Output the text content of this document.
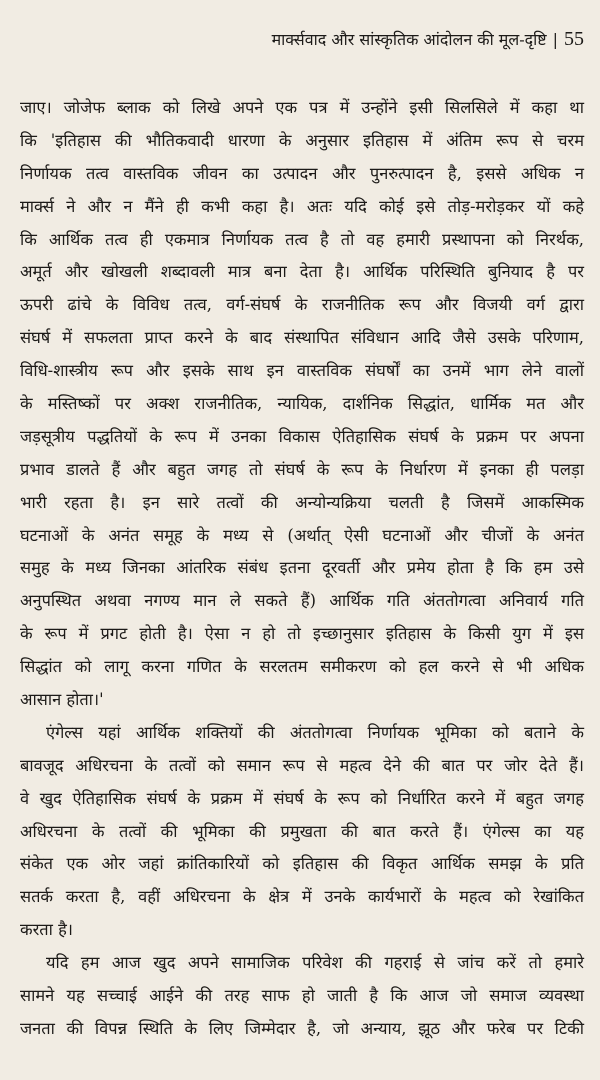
मार्क्सवाद और सांस्कृतिक आंदोलन की मूल-दृष्टि | 55
जाए। जोजेफ ब्लाक को लिखे अपने एक पत्र में उन्होंने इसी सिलसिले में कहा था
कि 'इतिहास की भौतिकवादी धारणा के अनुसार इतिहास में अंतिम रूप से चरम
निर्णायक तत्व वास्तविक जीवन का उत्पादन और पुनरुत्पादन है, इससे अधिक न
मार्क्स ने और न मैंने ही कभी कहा है। अतः यदि कोई इसे तोड़-मरोड़कर यों कहे
कि आर्थिक तत्व ही एकमात्र निर्णायक तत्व है तो वह हमारी प्रस्थापना को निरर्थक,
अमूर्त और खोखली शब्दावली मात्र बना देता है। आर्थिक परिस्थिति बुनियाद है पर
ऊपरी ढांचे के विविध तत्व, वर्ग-संघर्ष के राजनीतिक रूप और विजयी वर्ग द्वारा
संघर्ष में सफलता प्राप्त करने के बाद संस्थापित संविधान आदि जैसे उसके परिणाम,
विधि-शास्त्रीय रूप और इसके साथ इन वास्तविक संघर्षों का उनमें भाग लेने वालों
के मस्तिष्कों पर अक्श राजनीतिक, न्यायिक, दार्शनिक सिद्धांत, धार्मिक मत और
जड़सूत्रीय पद्धतियों के रूप में उनका विकास ऐतिहासिक संघर्ष के प्रक्रम पर अपना
प्रभाव डालते हैं और बहुत जगह तो संघर्ष के रूप के निर्धारण में इनका ही पलड़ा
भारी रहता है। इन सारे तत्वों की अन्योन्यक्रिया चलती है जिसमें आकस्मिक
घटनाओं के अनंत समूह के मध्य से (अर्थात् ऐसी घटनाओं और चीजों के अनंत
समुह के मध्य जिनका आंतरिक संबंध इतना दूरवर्ती और प्रमेय होता है कि हम उसे
अनुपस्थित अथवा नगण्य मान ले सकते हैं) आर्थिक गति अंततोगत्वा अनिवार्य गति
के रूप में प्रगट होती है। ऐसा न हो तो इच्छानुसार इतिहास के किसी युग में इस
सिद्धांत को लागू करना गणित के सरलतम समीकरण को हल करने से भी अधिक
आसान होता।'
एंगेल्स यहां आर्थिक शक्तियों की अंततोगत्वा निर्णायक भूमिका को बताने के
बावजूद अधिरचना के तत्वों को समान रूप से महत्व देने की बात पर जोर देते हैं।
वे खुद ऐतिहासिक संघर्ष के प्रक्रम में संघर्ष के रूप को निर्धारित करने में बहुत जगह
अधिरचना के तत्वों की भूमिका की प्रमुखता की बात करते हैं। एंगेल्स का यह
संकेत एक ओर जहां क्रांतिकारियों को इतिहास की विकृत आर्थिक समझ के प्रति
सतर्क करता है, वहीं अधिरचना के क्षेत्र में उनके कार्यभारों के महत्व को रेखांकित
करता है।
यदि हम आज खुद अपने सामाजिक परिवेश की गहराई से जांच करें तो हमारे
सामने यह सच्चाई आईने की तरह साफ हो जाती है कि आज जो समाज व्यवस्था
जनता की विपन्न स्थिति के लिए जिम्मेदार है, जो अन्याय, झूठ और फरेब पर टिकी
